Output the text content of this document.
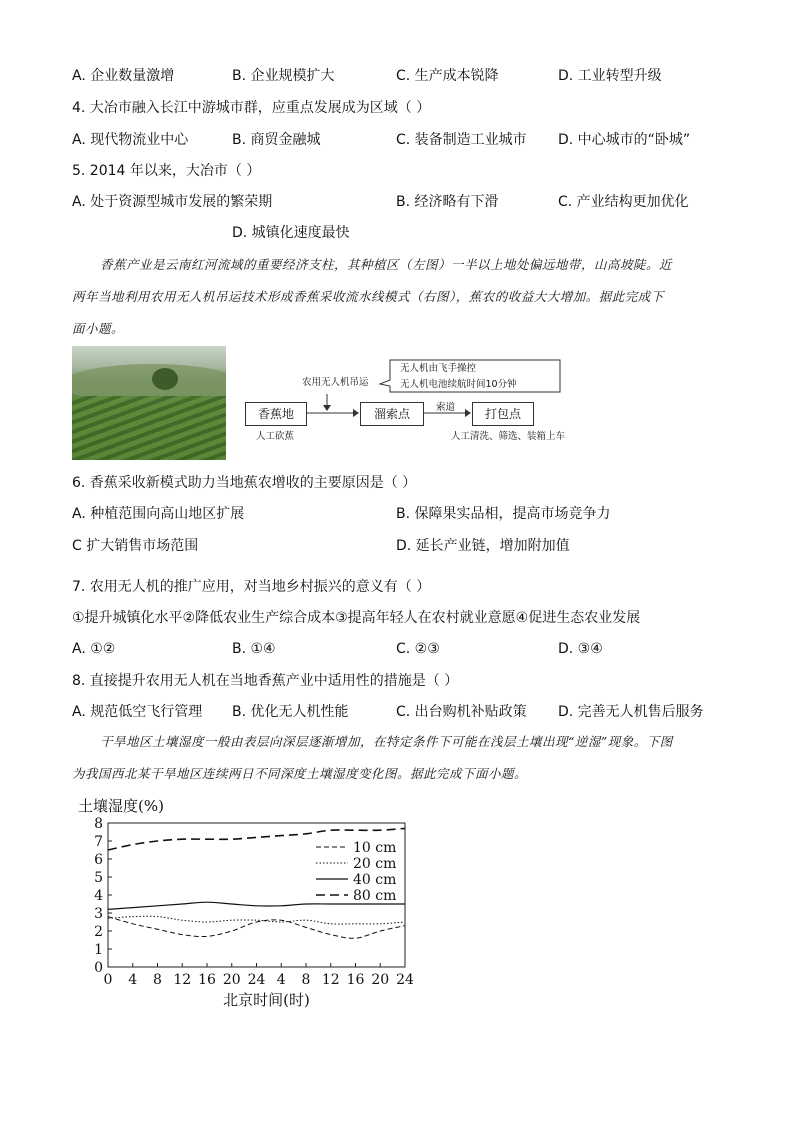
A. 企业数量激增	B. 企业规模扩大	C. 生产成本锐降	D. 工业转型升级
4. 大冶市融入长江中游城市群，应重点发展成为区域（ ）
A. 现代物流业中心	B. 商贸金融城	C. 装备制造工业城市 D. 中心城市的“卧城”
5. 2014 年以来，大冶市（ ）
A. 处于资源型城市发展的繁荣期	B. 经济略有下滑	C. 产业结构更加优化
D. 城镇化速度最快
香蕉产业是云南红河流域的重要经济支柱，其种植区（左图）一半以上地处偏远地带，山高坡陡。近
两年当地利用农用无人机吊运技术形成香蕉采收流水线模式（右图），蕉农的收益大大增加。据此完成下
面小题。
农用无人机吊运
无人机由飞手操控
无人机电池续航时间10分钟
香蕉地	溜索点	打包点
索道
人工砍蕉	人工清洗、筛选、装箱上车
6. 香蕉采收新模式助力当地蕉农增收的主要原因是（ ）
A. 种植范围向高山地区扩展	B. 保障果实品相，提高市场竞争力
C 扩大销售市场范围	D. 延长产业链，增加附加值
7. 农用无人机的推广应用，对当地乡村振兴的意义有（ ）
①提升城镇化水平②降低农业生产综合成本③提高年轻人在农村就业意愿④促进生态农业发展
A. ①②	B. ①④	C. ②③	D. ③④
8. 直接提升农用无人机在当地香蕉产业中适用性的措施是（ ）
A. 规范低空飞行管理 B. 优化无人机性能	C. 出台购机补贴政策 D. 完善无人机售后服务
干旱地区土壤湿度一般由表层向深层逐渐增加，在特定条件下可能在浅层土壤出现“逆湿”现象。下图
为我国西北某干旱地区连续两日不同深度土壤湿度变化图。据此完成下面小题。
土壤湿度(%)
0
1
2
3
4
5
6
7
8
0 4 8 12 16 20 24 4 8 12 16 20 24
北京时间(时)
10 cm
20 cm
40 cm
80 cm
